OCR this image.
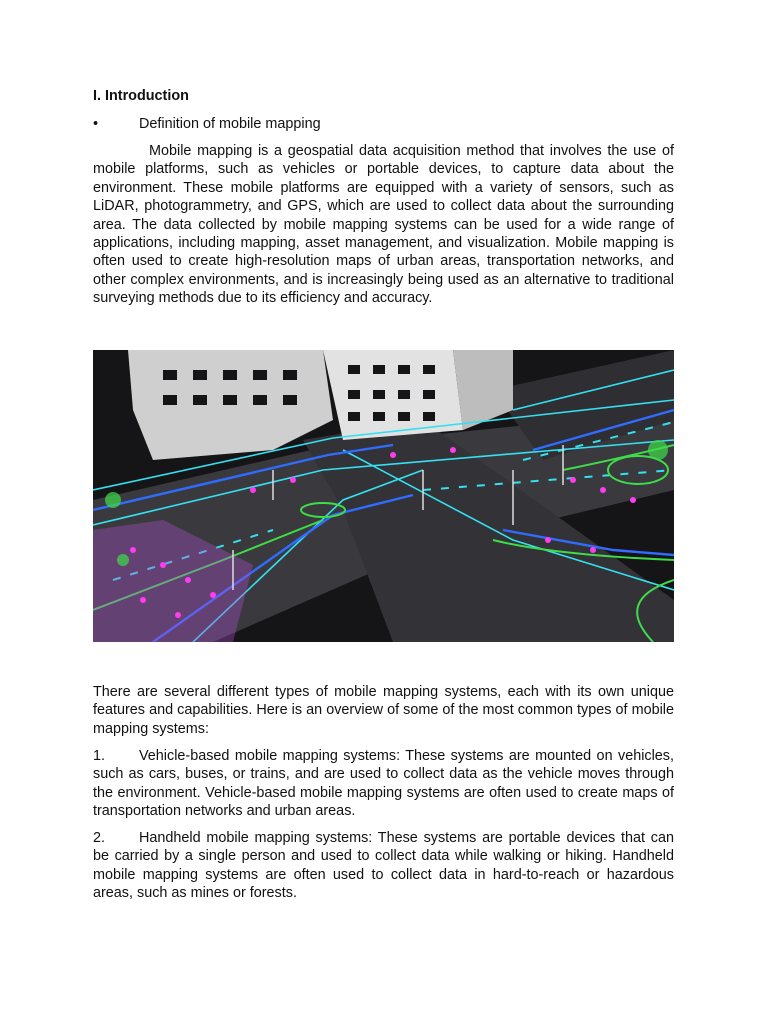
I. Introduction
•	Definition of mobile mapping

Mobile mapping is a geospatial data acquisition method that involves the use of mobile platforms, such as vehicles or portable devices, to capture data about the environment. These mobile platforms are equipped with a variety of sensors, such as LiDAR, photogrammetry, and GPS, which are used to collect data about the surrounding area. The data collected by mobile mapping systems can be used for a wide range of applications, including mapping, asset management, and visualization. Mobile mapping is often used to create high-resolution maps of urban areas, transportation networks, and other complex environments, and is increasingly being used as an alternative to traditional surveying methods due to its efficiency and accuracy.

There are several different types of mobile mapping systems, each with its own unique features and capabilities. Here is an overview of some of the most common types of mobile mapping systems:

1. Vehicle-based mobile mapping systems: These systems are mounted on vehicles, such as cars, buses, or trains, and are used to collect data as the vehicle moves through the environment. Vehicle-based mobile mapping systems are often used to create maps of transportation networks and urban areas.

2. Handheld mobile mapping systems: These systems are portable devices that can be carried by a single person and used to collect data while walking or hiking. Handheld mobile mapping systems are often used to collect data in hard-to-reach or hazardous areas, such as mines or forests.
